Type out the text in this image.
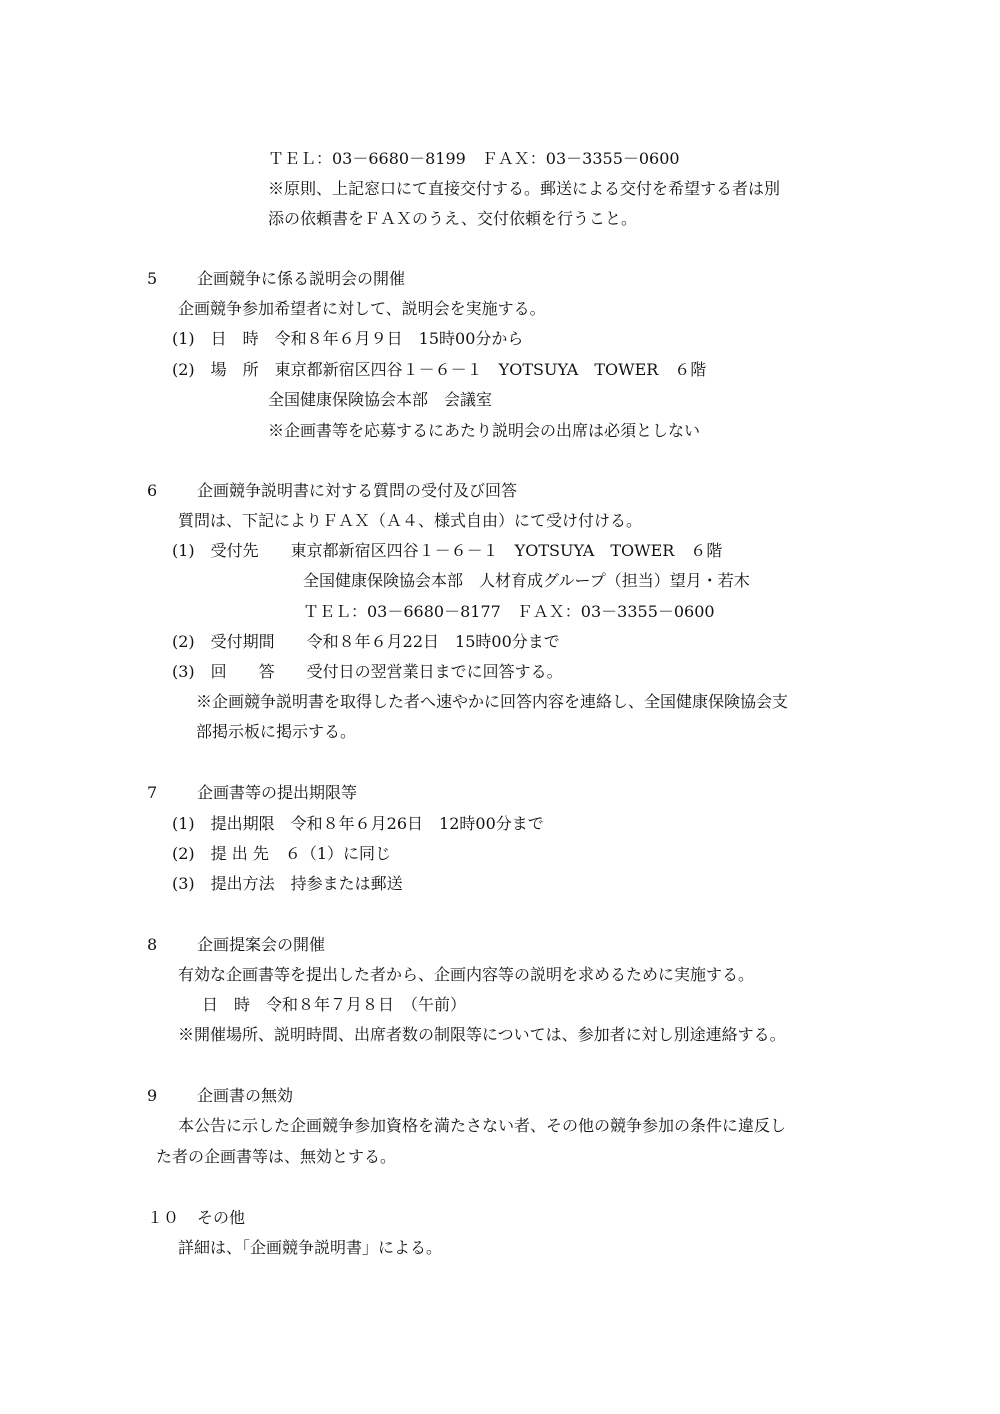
ＴＥＬ：03－6680－8199　ＦＡＸ：03－3355－0600
※原則、上記窓口にて直接交付する。郵送による交付を希望する者は別
添の依頼書をＦＡＸのうえ、交付依頼を行うこと。
5 企画競争に係る説明会の開催
企画競争参加希望者に対して、説明会を実施する。
(1)　日　時　令和８年６月９日　15時00分から
(2)　場　所　東京都新宿区四谷１－６－１　YOTSUYA　TOWER　６階
全国健康保険協会本部　会議室
※企画書等を応募するにあたり説明会の出席は必須としない
6 企画競争説明書に対する質問の受付及び回答
質問は、下記によりＦＡＸ（Ａ４、様式自由）にて受け付ける。
(1)　受付先　　東京都新宿区四谷１－６－１　YOTSUYA　TOWER　６階
全国健康保険協会本部　人材育成グループ（担当）望月・若木
ＴＥＬ：03－6680－8177　ＦＡＸ：03－3355－0600
(2)　受付期間　　令和８年６月22日　15時00分まで
(3)　回　　答　　受付日の翌営業日までに回答する。
※企画競争説明書を取得した者へ速やかに回答内容を連絡し、全国健康保険協会支
部掲示板に掲示する。
7 企画書等の提出期限等
(1)　提出期限　令和８年６月26日　12時00分まで
(2)　提 出 先　６（1）に同じ
(3)　提出方法　持参または郵送
8 企画提案会の開催
有効な企画書等を提出した者から、企画内容等の説明を求めるために実施する。
日　時　令和８年７月８日　（午前）
※開催場所、説明時間、出席者数の制限等については、参加者に対し別途連絡する。
9 企画書の無効
本公告に示した企画競争参加資格を満たさない者、その他の競争参加の条件に違反し
た者の企画書等は、無効とする。
１０ その他
詳細は、「企画競争説明書」による。
